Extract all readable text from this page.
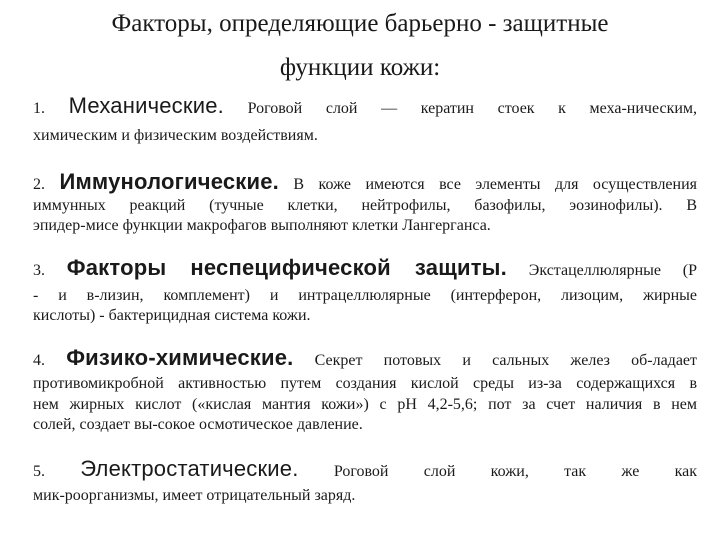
Факторы, определяющие барьерно - защитные
функции кожи:
1. Механические. Роговой слой — кератин стоек к меха-ническим,
химическим и физическим воздействиям.
2. Иммунологические. В коже имеются все элементы для осуществления
иммунных реакций (тучные клетки, нейтрофилы, базофилы, эозинофилы). В
эпидер-мисе функции макрофагов выполняют клетки Лангерганса.
3. Факторы неспецифической защиты. Экстацеллюлярные (Р
- и в-лизин, комплемент) и интрацеллюлярные (интерферон, лизоцим, жирные
кислоты) - бактерицидная система кожи.
4. Физико-химические. Секрет потовых и сальных желез об-ладает
противомикробной активностью путем создания кислой среды из-за содержащихся в
нем жирных кислот («кислая мантия кожи») с рН 4,2-5,6; пот за счет наличия в нем
солей, создает вы-сокое осмотическое давление.
5. Электростатические. Роговой слой кожи, так же как
мик-роорганизмы, имеет отрицательный заряд.
